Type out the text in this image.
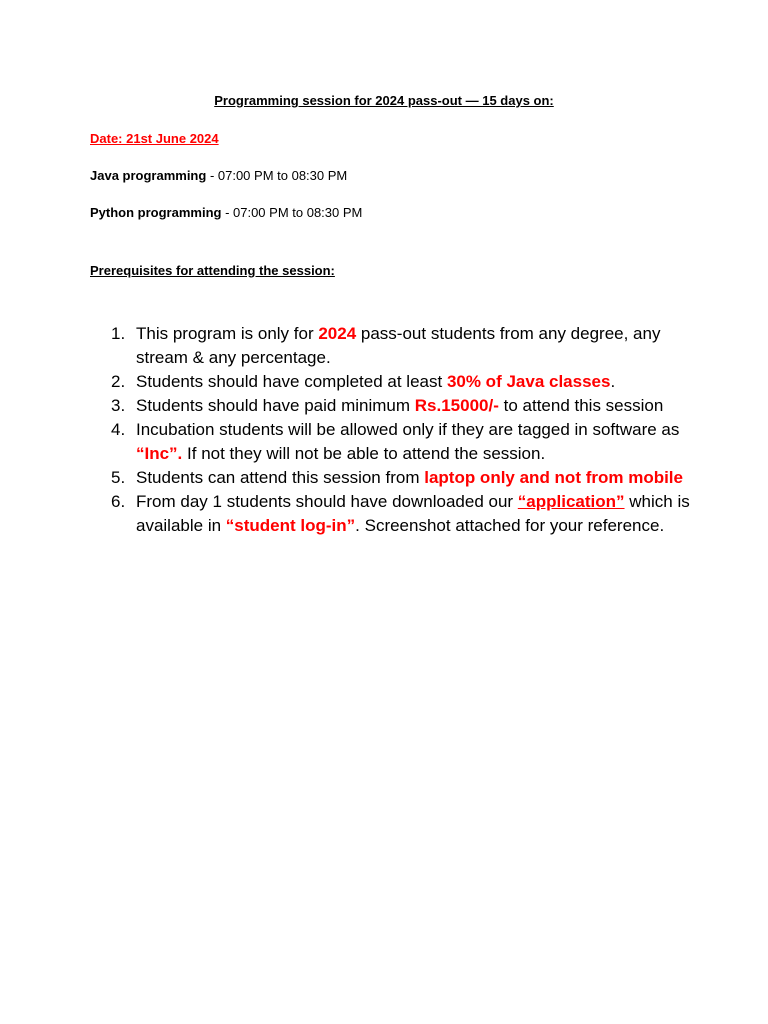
Programming session for 2024 pass-out — 15 days on:
Date: 21st June 2024
Java programming - 07:00 PM to 08:30 PM
Python programming - 07:00 PM to 08:30 PM
Prerequisites for attending the session:
1. This program is only for 2024 pass-out students from any degree, any stream & any percentage.
2. Students should have completed at least 30% of Java classes.
3. Students should have paid minimum Rs.15000/- to attend this session
4. Incubation students will be allowed only if they are tagged in software as “Inc”. If not they will not be able to attend the session.
5. Students can attend this session from laptop only and not from mobile
6. From day 1 students should have downloaded our “application” which is available in “student log-in”. Screenshot attached for your reference.
